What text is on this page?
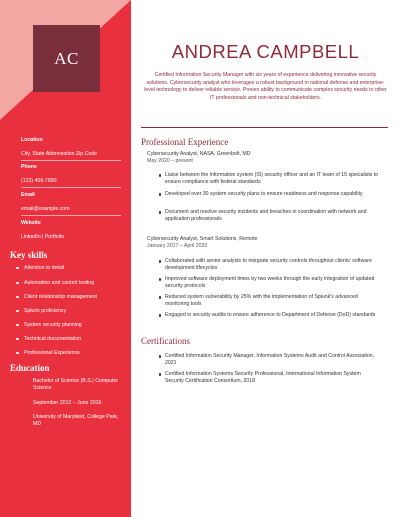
AC
Location
City, State Abbreviation Zip Code
Phone
(123) 456-7890
Email
email@example.com
Website
LinkedIn | Portfolio
Key skills
Attention to detail
Automation and control testing
Client relationship management
Splunk proficiency
System security planning
Technical documentation
Professional Experience
Education
Bachelor of Science (B.S.) Computer Science
September 2012 – June 2016
University of Maryland, College Park, MD
ANDREA CAMPBELL
Certified Information Security Manager with six years of experience delivering innovative security solutions. Cybersecurity analyst who leverages a robust background in national defense and enterprise-level technology to deliver reliable service. Proven ability to communicate complex security needs to other IT professionals and non-technical stakeholders.
Professional Experience
Cybersecurity Analyst, NASA, Greenbelt, MD
May 2020 – present
Liaise between the information system (IS) security officer and an IT team of 15 specialists to ensure compliance with federal standards
Developed over 30 system security plans to ensure readiness and response capability
Document and resolve security incidents and breaches in coordination with network and application professionals
Cybersecurity Analyst, Smart Solutions, Remote
January 2017 – April 2020
Collaborated with senior analysts to integrate security controls throughout clients' software development lifecycles
Improved software deployment times by two weeks through the early integration of updated security protocols
Reduced system vulnerability by 25% with the implementation of Splunk's advanced monitoring tools
Engaged in security audits to ensure adherence to Department of Defense (DoD) standards
Certifications
Certified Information Security Manager, Information Systems Audit and Control Association, 2021
Certified Information Systems Security Professional, International Information System Security Certification Consortium, 2018
